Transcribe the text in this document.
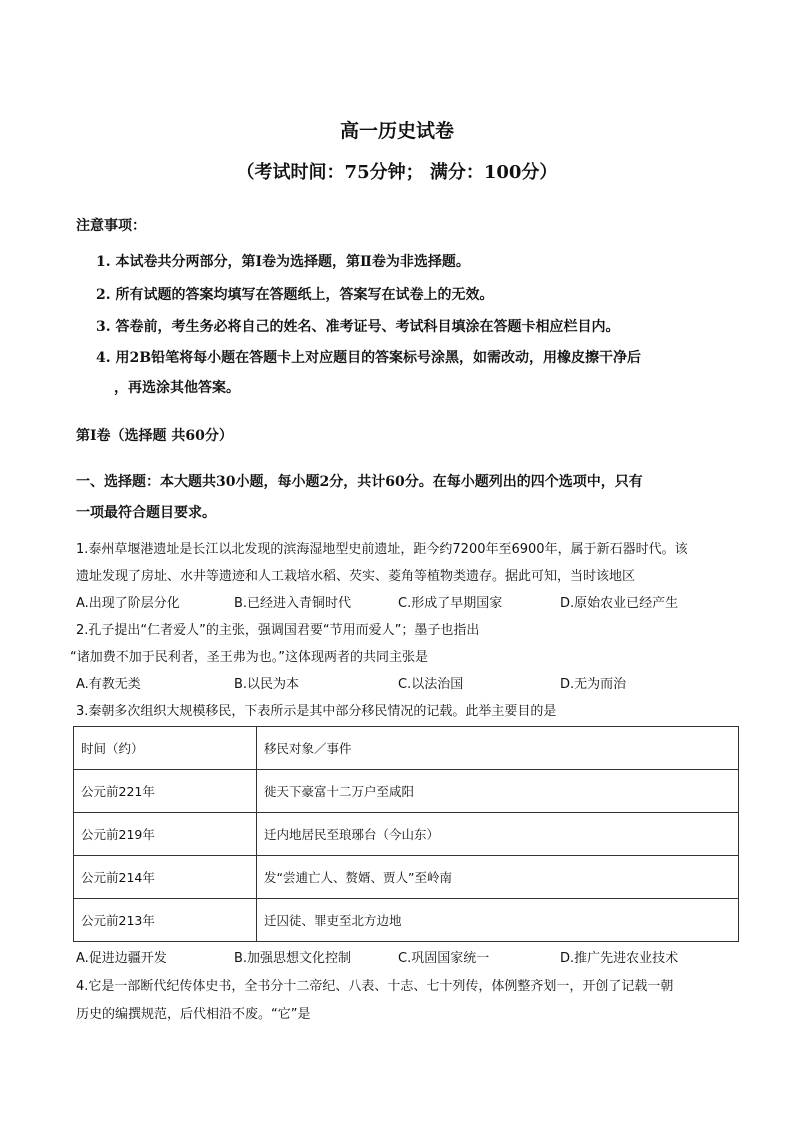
高一历史试卷
（考试时间：75分钟； 满分：100分）
注意事项：
1. 本试卷共分两部分，第Ⅰ卷为选择题，第Ⅱ卷为非选择题。
2. 所有试题的答案均填写在答题纸上，答案写在试卷上的无效。
3. 答卷前，考生务必将自己的姓名、准考证号、考试科目填涂在答题卡相应栏目内。
4. 用2B铅笔将每小题在答题卡上对应题目的答案标号涂黑，如需改动，用橡皮擦干净后
，再选涂其他答案。
第Ⅰ卷（选择题 共60分）
一、选择题：本大题共30小题，每小题2分，共计60分。在每小题列出的四个选项中，只有
一项最符合题目要求。
1.泰州草堰港遗址是长江以北发现的滨海湿地型史前遗址，距今约7200年至6900年，属于新石器时代。该
遗址发现了房址、水井等遗迹和人工栽培水稻、芡实、菱角等植物类遗存。据此可知，当时该地区
A.出现了阶层分化	B.已经进入青铜时代	C.形成了早期国家	D.原始农业已经产生
2.孔子提出“仁者爱人”的主张，强调国君要“节用而爱人”；墨子也指出
“诸加费不加于民利者，圣王弗为也。”这体现两者的共同主张是
A.有教无类	B.以民为本	C.以法治国	D.无为而治
3.秦朝多次组织大规模移民，下表所示是其中部分移民情况的记载。此举主要目的是
时间（约）	移民对象／事件
公元前221年	徙天下豪富十二万户至咸阳
公元前219年	迁内地居民至琅琊台（今山东）
公元前214年	发“尝逋亡人、赘婿、贾人”至岭南
公元前213年	迁囚徒、罪吏至北方边地
A.促进边疆开发	B.加强思想文化控制	C.巩固国家统一	D.推广先进农业技术
4.它是一部断代纪传体史书，全书分十二帝纪、八表、十志、七十列传，体例整齐划一，开创了记载一朝
历史的编撰规范，后代相沿不废。“它”是
